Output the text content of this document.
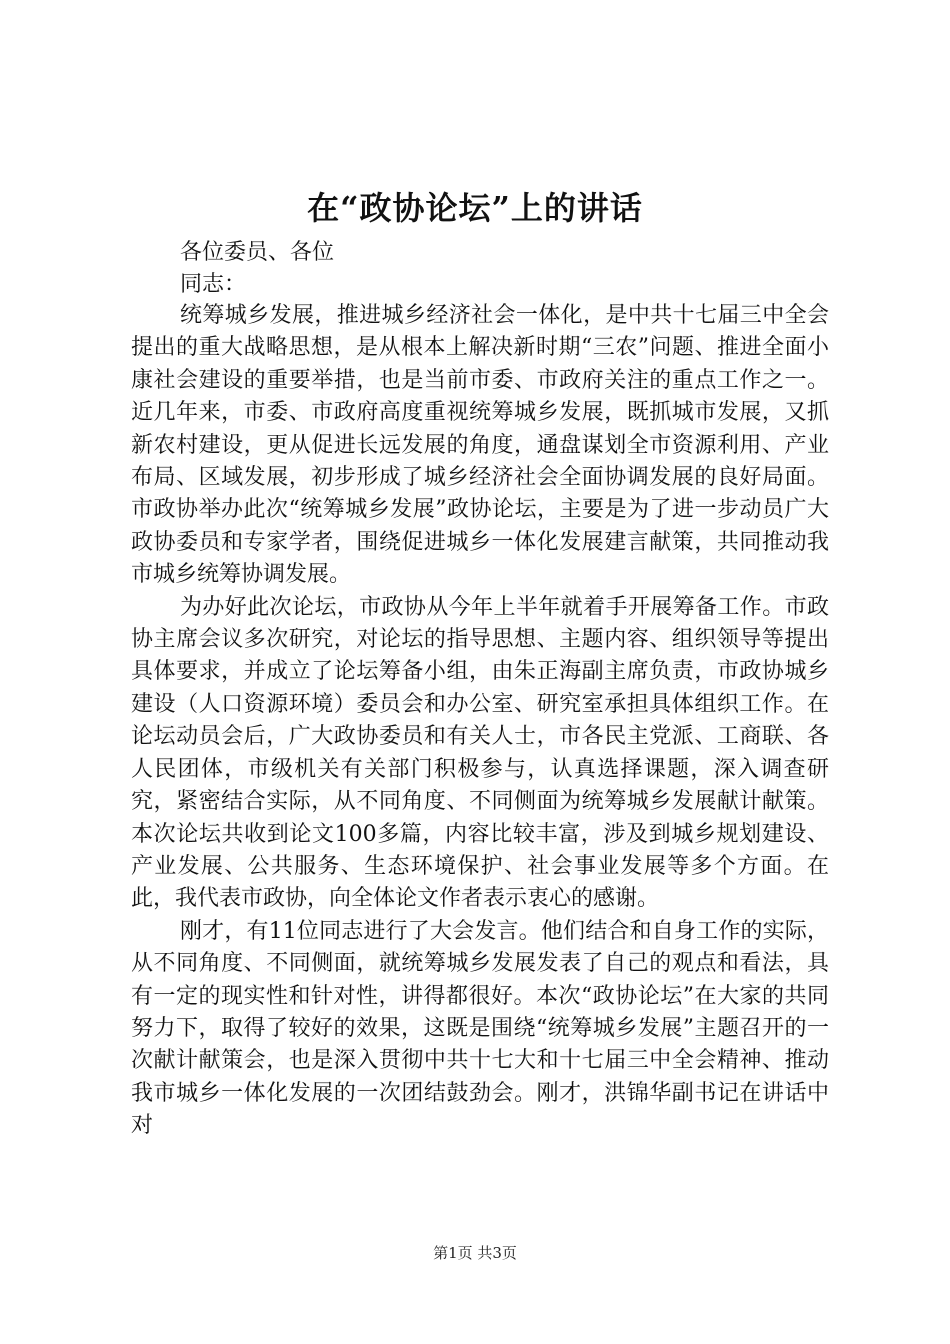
在“政协论坛”上的讲话
各位委员、各位
同志：

统筹城乡发展，推进城乡经济社会一体化，是中共十七届三中全会提出的重大战略思想，是从根本上解决新时期“三农”问题、推进全面小康社会建设的重要举措，也是当前市委、市政府关注的重点工作之一。近几年来，市委、市政府高度重视统筹城乡发展，既抓城市发展，又抓新农村建设，更从促进长远发展的角度，通盘谋划全市资源利用、产业布局、区域发展，初步形成了城乡经济社会全面协调发展的良好局面。市政协举办此次“统筹城乡发展”政协论坛，主要是为了进一步动员广大政协委员和专家学者，围绕促进城乡一体化发展建言献策，共同推动我市城乡统筹协调发展。

为办好此次论坛，市政协从今年上半年就着手开展筹备工作。市政协主席会议多次研究，对论坛的指导思想、主题内容、组织领导等提出具体要求，并成立了论坛筹备小组，由朱正海副主席负责，市政协城乡建设（人口资源环境）委员会和办公室、研究室承担具体组织工作。在论坛动员会后，广大政协委员和有关人士，市各民主党派、工商联、各人民团体，市级机关有关部门积极参与，认真选择课题，深入调查研究，紧密结合实际，从不同角度、不同侧面为统筹城乡发展献计献策。本次论坛共收到论文100多篇，内容比较丰富，涉及到城乡规划建设、产业发展、公共服务、生态环境保护、社会事业发展等多个方面。在此，我代表市政协，向全体论文作者表示衷心的感谢。

刚才，有11位同志进行了大会发言。他们结合和自身工作的实际，从不同角度、不同侧面，就统筹城乡发展发表了自己的观点和看法，具有一定的现实性和针对性，讲得都很好。本次“政协论坛”在大家的共同努力下，取得了较好的效果，这既是围绕“统筹城乡发展”主题召开的一次献计献策会，也是深入贯彻中共十七大和十七届三中全会精神、推动我市城乡一体化发展的一次团结鼓劲会。刚才，洪锦华副书记在讲话中对

第1页 共3页
